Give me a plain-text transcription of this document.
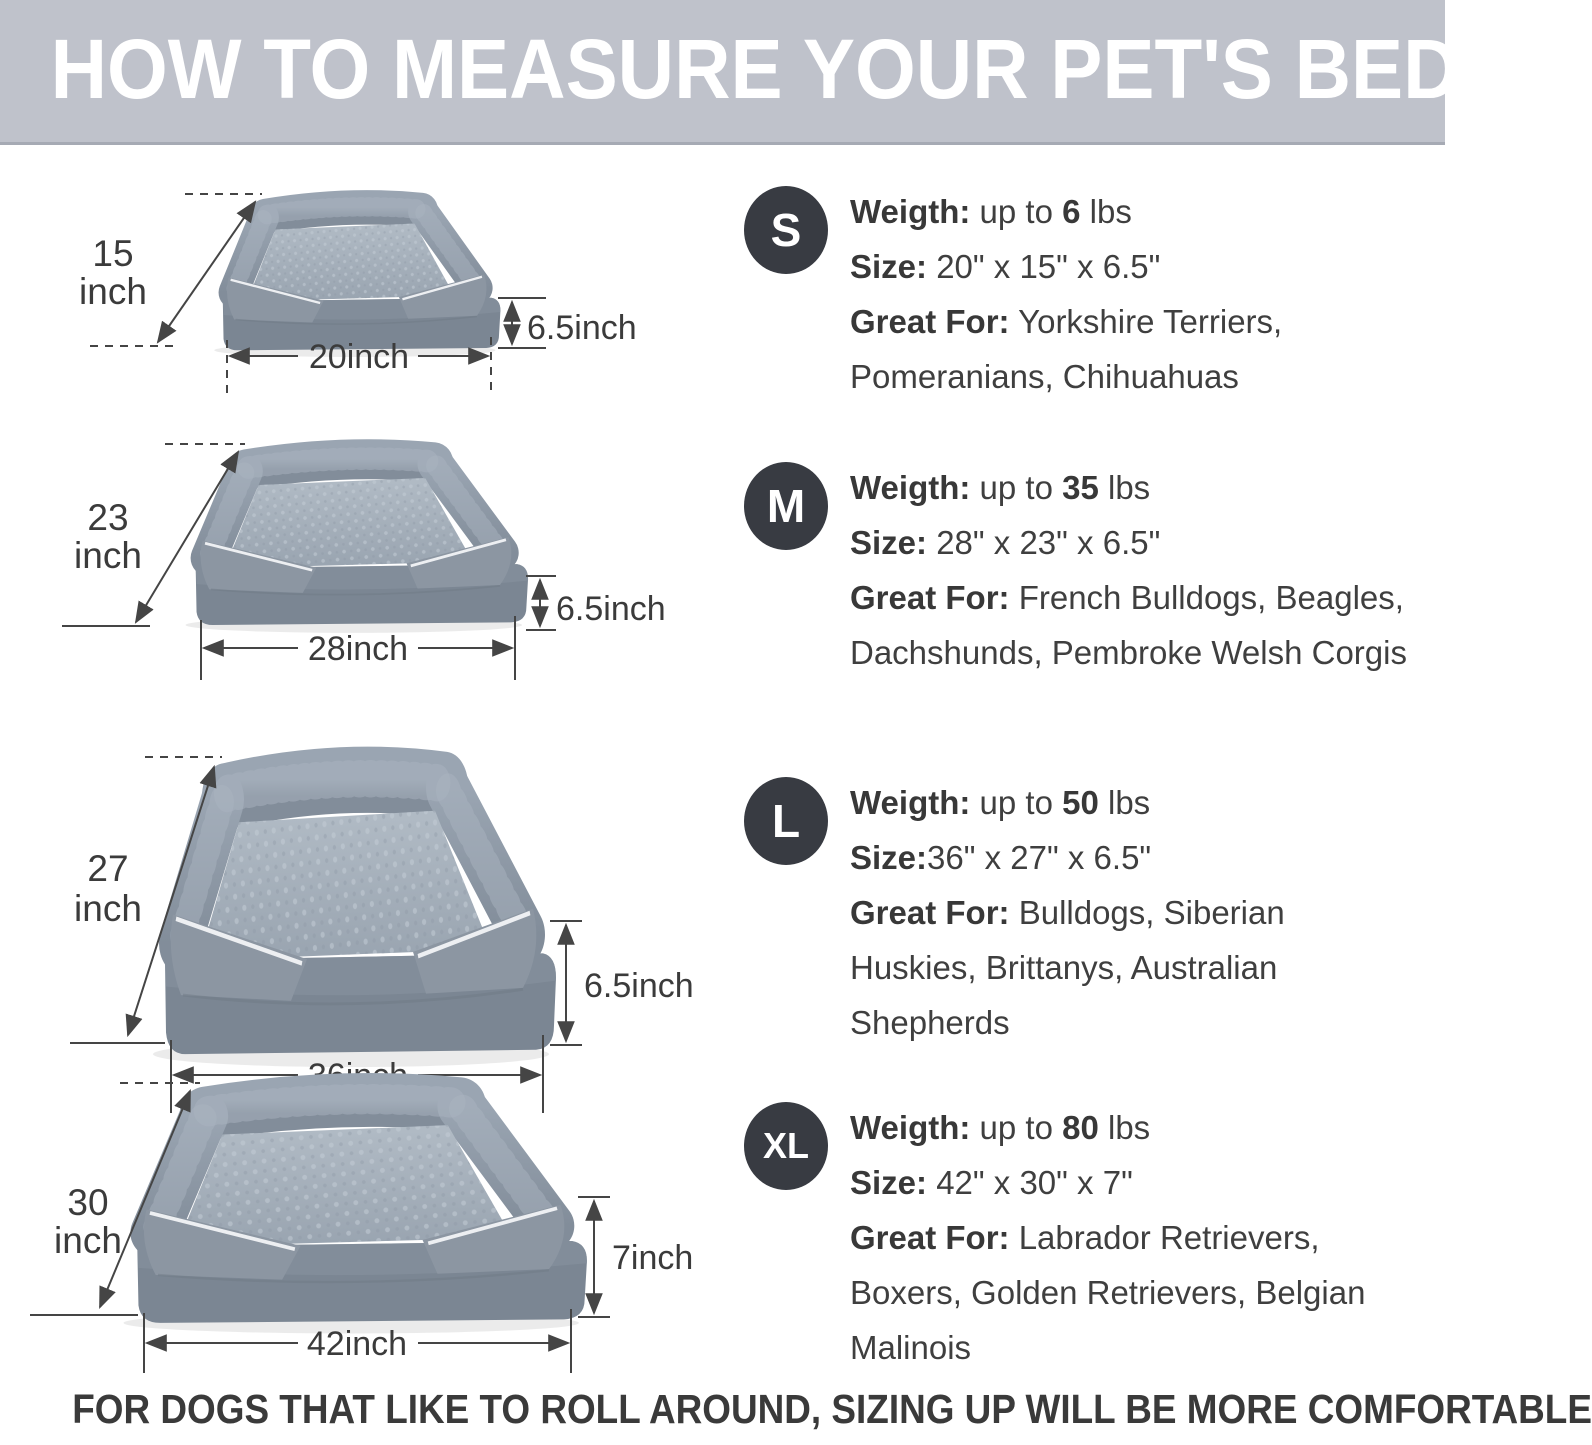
HOW TO MEASURE YOUR PET'S BED
15
inch
6.5inch
20inch
S	Weigth: up to 6 lbs

Size: 20" x 15" x 6.5"

Great For: Yorkshire Terriers, Pomeranians, Chihuahuas

23
inch
6.5inch
28inch
M	Weigth: up to 35 lbs

Size: 28" x 23" x 6.5"

Great For: French Bulldogs, Beagles, Dachshunds, Pembroke Welsh Corgis

27
inch
6.5inch
L	Weigth: up to 50 lbs

Size:36" x 27" x 6.5"

Great For: Bulldogs, Siberian Huskies, Brittanys, Australian Shepherds

30
inch	7inch
42inch
XL	Weigth: up to 80 lbs

Size: 42" x 30" x 7"

Great For: Labrador Retrievers, Boxers, Golden Retrievers, Belgian Malinois

FOR DOGS THAT LIKE TO ROLL AROUND, SIZING UP WILL BE MORE COMFORTABLE
